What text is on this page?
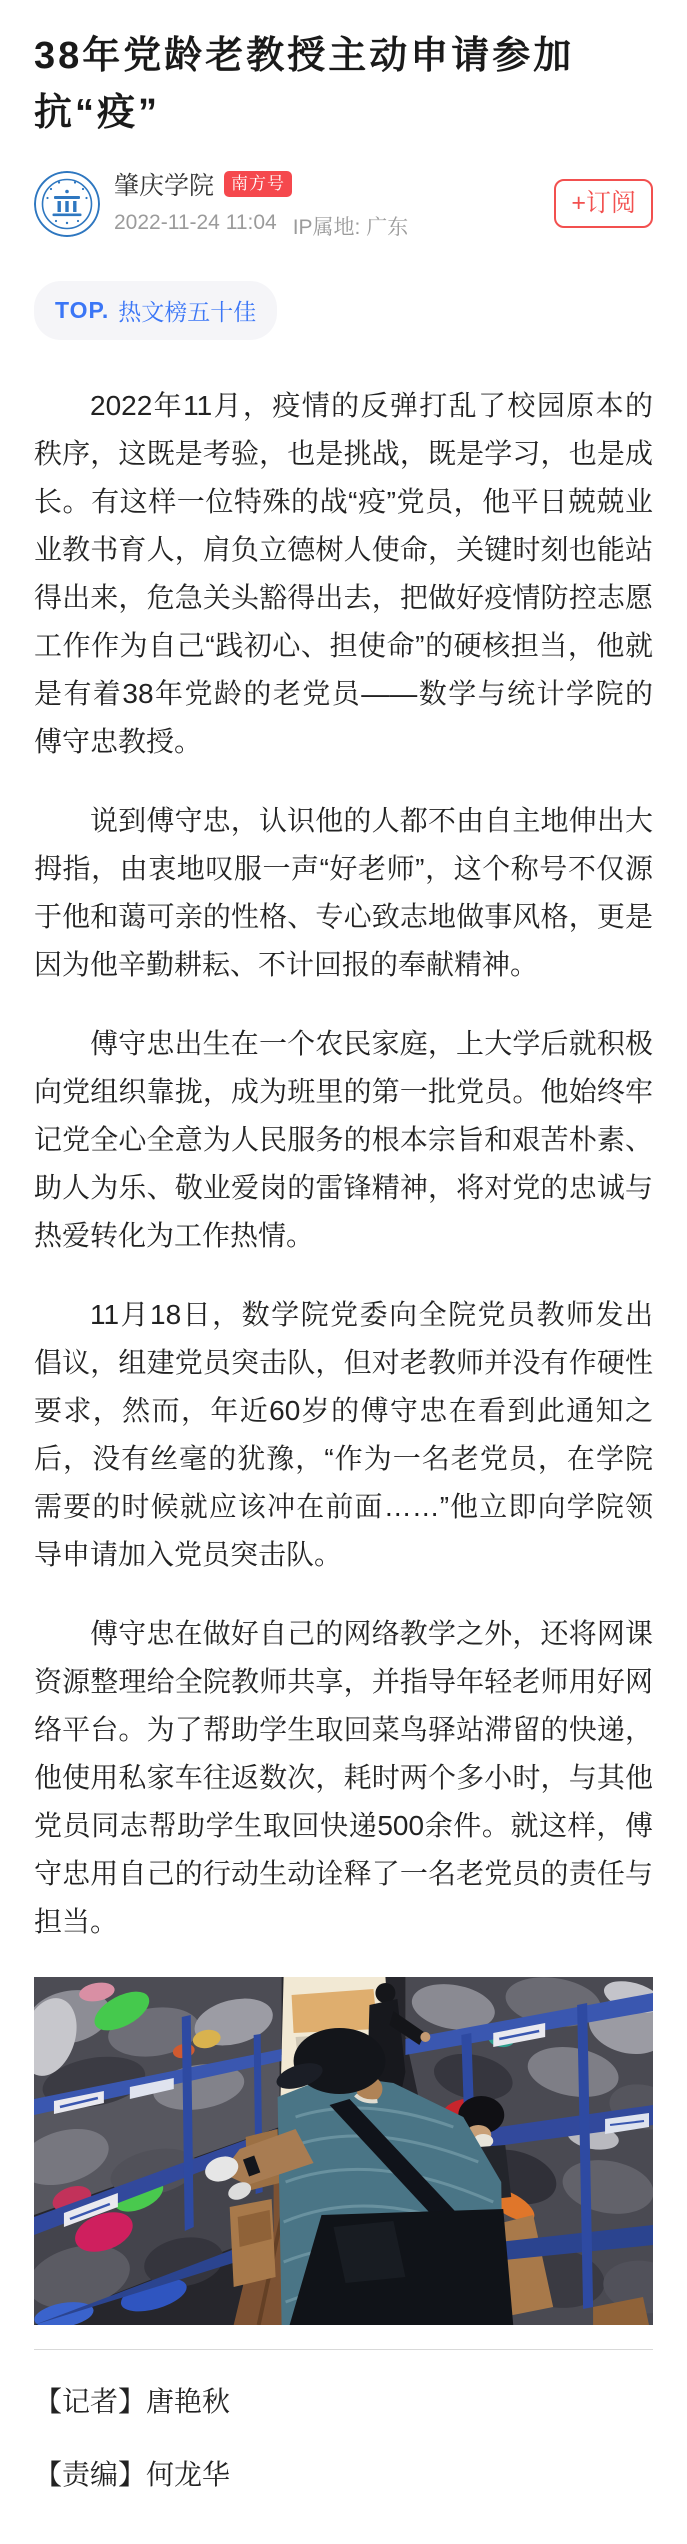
38年党龄老教授主动申请参加抗“疫”
肇庆学院	南方号
2022-11-24 11:04 IP属地: 广东
+订阅
TOP. 热文榜五十佳

2022年11月，疫情的反弹打乱了校园原本的秩序，这既是考验，也是挑战，既是学习，也是成长。有这样一位特殊的战“疫”党员，他平日兢兢业业教书育人，肩负立德树人使命，关键时刻也能站得出来，危急关头豁得出去，把做好疫情防控志愿工作作为自己“践初心、担使命”的硬核担当，他就是有着38年党龄的老党员——数学与统计学院的傅守忠教授。

说到傅守忠，认识他的人都不由自主地伸出大拇指，由衷地叹服一声“好老师”，这个称号不仅源于他和蔼可亲的性格、专心致志地做事风格，更是因为他辛勤耕耘、不计回报的奉献精神。

傅守忠出生在一个农民家庭，上大学后就积极向党组织靠拢，成为班里的第一批党员。他始终牢记党全心全意为人民服务的根本宗旨和艰苦朴素、助人为乐、敬业爱岗的雷锋精神，将对党的忠诚与热爱转化为工作热情。

11月18日，数学院党委向全院党员教师发出倡议，组建党员突击队，但对老教师并没有作硬性要求，然而，年近60岁的傅守忠在看到此通知之后，没有丝毫的犹豫，“作为一名老党员，在学院需要的时候就应该冲在前面……”他立即向学院领导申请加入党员突击队。

傅守忠在做好自己的网络教学之外，还将网课资源整理给全院教师共享，并指导年轻老师用好网络平台。为了帮助学生取回菜鸟驿站滞留的快递，他使用私家车往返数次，耗时两个多小时，与其他党员同志帮助学生取回快递500余件。就这样，傅守忠用自己的行动生动诠释了一名老党员的责任与担当。

【记者】唐艳秋
【责编】何龙华
